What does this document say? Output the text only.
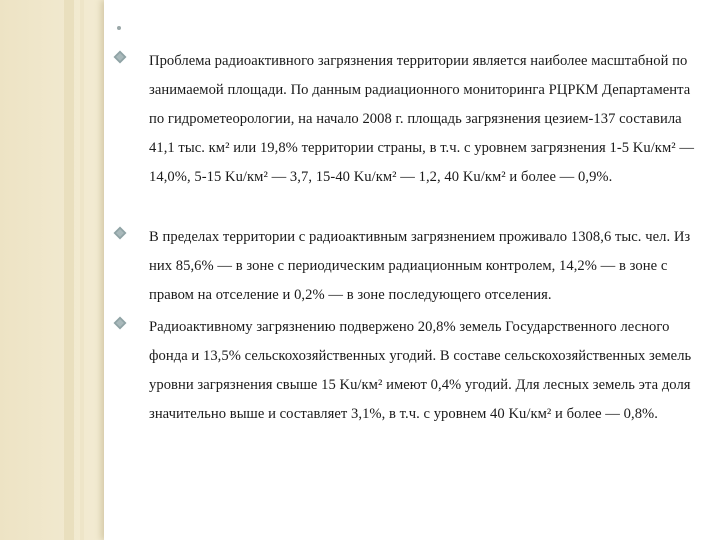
Проблема радиоактивного загрязнения территории является наиболее масштабной по занимаемой площади. По данным радиационного мониторинга РЦРКМ Департамента по гидрометеорологии, на начало 2008 г. площадь загрязнения цезием-137 составила 41,1 тыс. км² или 19,8% территории страны, в т.ч. с уровнем загрязнения 1-5 Ku/км² — 14,0%, 5-15 Ku/км² — 3,7, 15-40 Ku/км² — 1,2, 40 Ku/км² и более — 0,9%.

В пределах территории с радиоактивным загрязнением проживало 1308,6 тыс. чел. Из них 85,6% — в зоне с периодическим радиационным контролем, 14,2% — в зоне с правом на отселение и 0,2% — в зоне последующего отселения.

Радиоактивному загрязнению подвержено 20,8% земель Государственного лесного фонда и 13,5% сельскохозяйственных угодий. В составе сельскохозяйственных земель уровни загрязнения свыше 15 Ku/км² имеют 0,4% угодий. Для лесных земель эта доля значительно выше и составляет 3,1%, в т.ч. с уровнем 40 Ku/км² и более — 0,8%.
